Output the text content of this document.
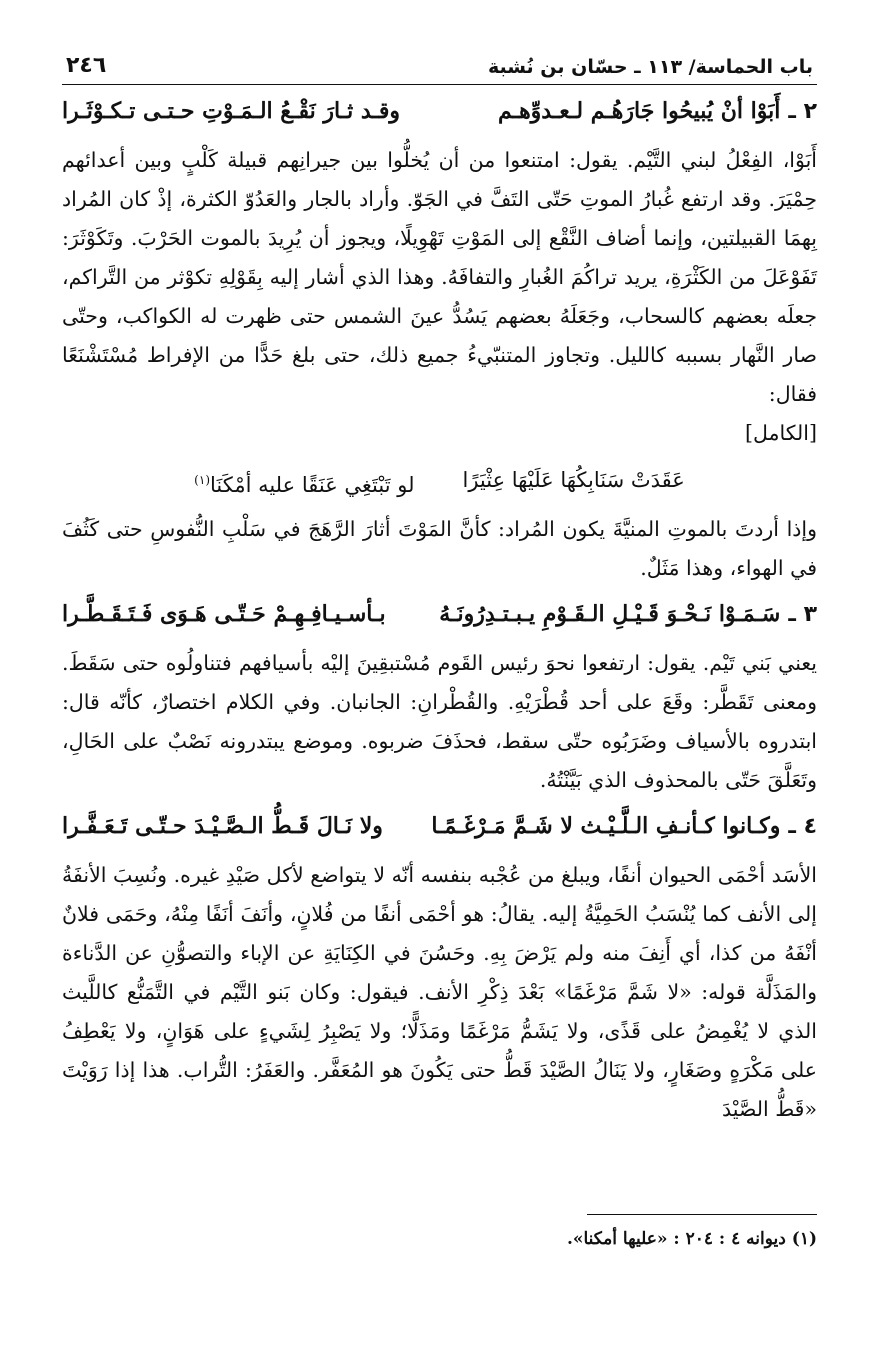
باب الحماسة/ ١١٣ ـ حسّان بن نُشبة
٢٤٦
٢ ـ
أَبَوْا أنْ يُبيحُوا جَارَهُـم لـعـدوِّهـم
وقـد ثـارَ نَقْـعُ الـمَـوْتِ حـتـى تـكـوْثَـرا

أَبَوْا، الفِعْلُ لبني التَّيْم. يقول: امتنعوا من أن يُخلُّوا بين جيرانِهم قبيلة كَلْبٍ وبين أعدائهم حِمْيَرَ. وقد ارتفع غُبارُ الموتِ حَتّى التَفَّ في الجَوّ. وأراد بالجار والعَدُوّ الكثرة، إذْ كان المُراد بِهمَا القبيلتين، وإنما أضاف النَّقْع إلى المَوْتِ تَهْوِيلًا، ويجوز أن يُرِيدَ بالموت الحَرْبَ. وتَكَوْثَرَ: تَفَوْعَلَ من الكَثْرَةِ، يريد تراكُمَ الغُبارِ والتفافَهُ. وهذا الذي أشار إليه بِقَوْلِهِ تكوْثر من التَّراكم، جعلَه بعضهم كالسحاب، وجَعَلَهُ بعضهم يَسُدُّ عينَ الشمس حتى ظهرت له الكواكب، وحتّى صار النَّهار بسببه كالليل. وتجاوز المتنبّيءُ جميع ذلك، حتى بلغ حَدًّا من الإفراط مُسْتَشْنَعًا فقال:

[الكامل]

عَقَدَتْ سَنَابِكُهَا عَلَيْهَا عِثْيَرًا
لو تَبْتَغِي عَنَقًا عليه أمْكَنَا$^{(١)}$

وإذا أردتَ بالموتِ المنيَّةَ يكون المُراد: كأنَّ المَوْتَ أثارَ الرَّهَجَ في سَلْبِ النُّفوسِ حتى كَثُفَ في الهواء، وهذا مَثَلٌ.

٣ ـ
سَـمَـوْا نَـحْـوَ قَـيْـلِ الـقَـوْمِ يـبـتـدِرُونَـهُ
بـأسـيـافِـهِـمْ حَـتّـى هَـوَى فَـتَـقَـطَّـرا

يعني بَني تَيْم. يقول: ارتفعوا نحوَ رئيس القَوم مُسْتبقِينَ إليْه بأسيافهم فتناولُوه حتى سَقَطَ. ومعنى تَقَطَّر: وقَعَ على أحد قُطْرَيْهِ. والقُطْرانِ: الجانبان. وفي الكلام اختصارٌ، كأنّه قال: ابتدروه بالأسياف وضَرَبُوه حتّى سقط، فحذَفَ ضربوه. وموضع يبتدرونه نَصْبٌ على الحَالِ، وتَعَلَّقَ حَتّى بالمحذوف الذي بَيَّنْتُهُ.

٤ ـ
وكـانوا كـأنـفِ الـلَّـيْـث لا شَـمَّ مَـرْغَـمًـا
ولا نَـالَ قَـطُّ الـصَّـيْـدَ حـتّـى تَـعَـفَّـرا

الأسَد أحْمَى الحيوان أنفًا، ويبلغ من عُجْبه بنفسه أنّه لا يتواضع لأكل صَيْدِ غيره. ونُسِبَ الأنفَةُ إلى الأنف كما يُنْسَبُ الحَمِيَّةُ إليه. يقالُ: هو أحْمَى أنفًا من فُلانٍ، وأنَفَ أنَفًا مِنْهُ، وحَمَى فلانٌ أنْفَهُ من كذا، أي أَنِفَ منه ولم يَرْضَ بِهِ. وحَسُنَ في الكِنَايَةِ عن الإباء والتصوُّنِ عن الدَّناءة والمَذَلَّة قوله: «لا شَمَّ مَرْغَمًا» بَعْدَ ذِكْرِ الأنف. فيقول: وكان بَنو التَّيْم في التَّمَنُّع كاللَّيث الذي لا يُغْمِضُ على قَذًى، ولا يَشَمُّ مَرْغَمًا ومَذَلًّا؛ ولا يَصْبِرُ لِشَيءٍ على هَوَانٍ، ولا يَعْطِفُ على مَكْرَهٍ وصَغَارٍ، ولا يَنَالُ الصَّيْدَ قَطُّ حتى يَكُونَ هو المُعَفَّر. والعَفَرُ: التُّراب. هذا إذا رَوَيْتَ «قَطُّ الصَّيْدَ

(١) ديوانه ٤ : ٢٠٤ : «عليها أمكنا».
